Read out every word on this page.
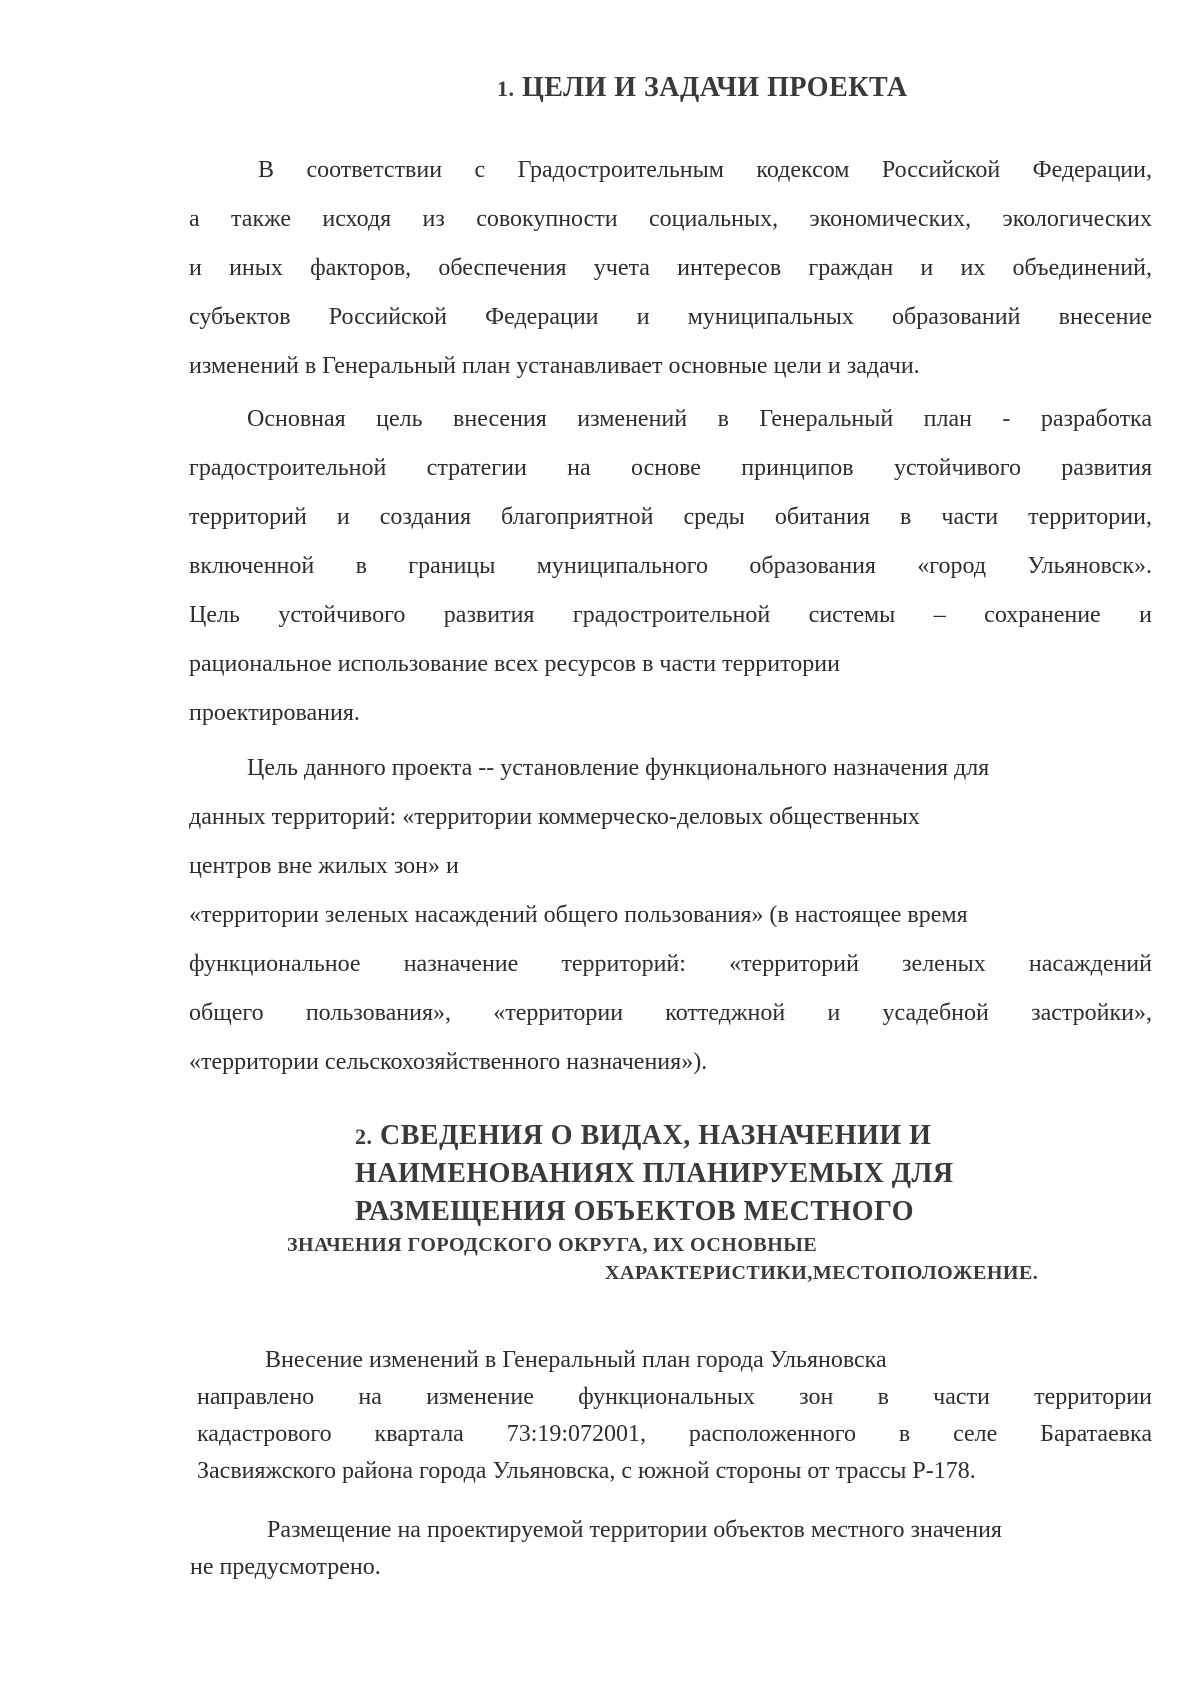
1. ЦЕЛИ И ЗАДАЧИ ПРОЕКТА
В соответствии с Градостроительным кодексом Российской Федерации,
а также исходя из совокупности социальных, экономических, экологических
и иных факторов, обеспечения учета интересов граждан и их объединений,
субъектов Российской Федерации и муниципальных образований внесение
изменений в Генеральный план устанавливает основные цели и задачи.
Основная цель внесения изменений в Генеральный план - разработка
градостроительной стратегии на основе принципов устойчивого развития
территорий и создания благоприятной среды обитания в части территории,
включенной в границы муниципального образования «город Ульяновск».
Цель устойчивого развития градостроительной системы – сохранение и
рациональное использование всех ресурсов в части территории
проектирования.
Цель данного проекта -- установление функционального назначения для
данных территорий: «территории коммерческо-деловых общественных
центров вне жилых зон» и
«территории зеленых насаждений общего пользования» (в настоящее время
функциональное назначение территорий: «территорий зеленых насаждений
общего пользования», «территории коттеджной и усадебной застройки»,
«территории сельскохозяйственного назначения»).
2. СВЕДЕНИЯ О ВИДАХ, НАЗНАЧЕНИИ И
НАИМЕНОВАНИЯХ ПЛАНИРУЕМЫХ ДЛЯ
РАЗМЕЩЕНИЯ ОБЪЕКТОВ МЕСТНОГО
ЗНАЧЕНИЯ ГОРОДСКОГО ОКРУГА, ИХ ОСНОВНЫЕ
ХАРАКТЕРИСТИКИ,МЕСТОПОЛОЖЕНИЕ.
Внесение изменений в Генеральный план города Ульяновска
направлено на изменение функциональных зон в части территории
кадастрового квартала 73:19:072001, расположенного в селе Баратаевка
Засвияжского района города Ульяновска, с южной стороны от трассы Р-178.
Размещение на проектируемой территории объектов местного значения
не предусмотрено.
